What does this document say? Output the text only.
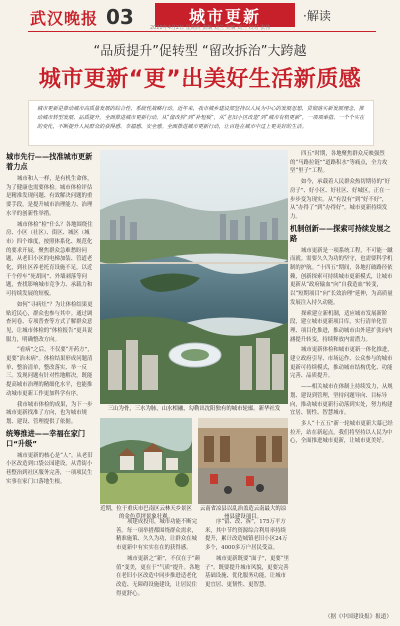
武汉晚报 03	城市更新	·解读
2020年4月2日 星期四 责编 刘兰 美编 刘兰 校对 张伟
“品质提升”促转型 “留改拆治”大跨越
城市更新“更”出美好生活新质感

城市更新是推动城市高质量发展的综合性、系统性战略行动。近年来，我市城乡建设部坚持以人民为中心的发展思想，贯彻落实新发展理念，推动城市转型发展、品质提升，全面推进城市更新行动。从“留改拆”到“补短板”，从“老旧小区改造”到“城市有机更新”，一项项举措、一个个实在的变化，不断提升人民群众的获得感、幸福感、安全感。全面推进城市更新行动，让百姓在城市中过上更美好的生活。

城市先行——找准城市更新着力点

城市和人一样，是有机生命体，为了健康也需要体检。城市体检评估是精准发现问题、有效解决问题的重要手段，是提升城市治理能力、治理水平的创新性举措。

城市体检“检”什么？各地围绕住房、小区（社区）、街区、城区（城市）四个维度，按照体系化、规范化的要求开展，聚焦群众急难愁盼问题，从老旧小区的电梯加装、管道老化，到社区养老托育设施不足，以近千个停车“死胡同”、外墙剥落等问题，查找影响城市竞争力、承载力和可持续发展的短板。

如何“寻病灶”？为让体检结果更贴近民心，群众也参与其中。通过调查问卷、专项普查等方式了解群众意见，让城市体检的“体检报告”更具说服力，明确整改方向。

“看病”之后，不仅要“开药方”，更要“治未病”。体检结果形成问题清单、整治清单，整改落实、举一反三。发现问题有针对性地解决，既能提高城市治理的精细化水平，也能推动城市更新工作更加科学有序。

我市城市体检的成果，为下一步城市更新找准了方向，也为城市规划、建设、管理提供了依据。

统筹推进——幸福在家门口“升级”

城市更新的核心是“人”。从老旧小区改造到口袋公园建设，从背街小巷整治到社区服务完善，一项项民生实事在家门口落地生根。

三山为骨，三水为脉，山水相融，勾勒出沈阳独有的城市轮廓。新华社发
近期，位于重庆市巴南区云林天乡景区的金色草坪景象壮观。
云南省凉县以乱治盖造云南最大的凉州县建设项目。

项建成投用，城市功能不断完善。每一项举措都围绕群众需求，精准施策、久久为功，让群众在城市更新中有实实在在的获得感。

城市更新之“新”，不仅在于“颜值”变美，更在于“气质”提升。各地在老旧小区改造中同步推进适老化改造、无障碍设施建设，让居民住得更舒心。

序“留、改、拆”，175万平方米，其中节约资源综合利用率持续提升，累计改造城镇老旧小区24万多个，4000多万户居民受益。

城市更新既要“面子”，更要“里子”。既要提升城市风貌，更要完善基础设施、优化服务功能，让城市更宜居、更韧性、更智慧。

四五”时期，各地聚焦群众反映强烈的“马路拉链”“道路积水”等痛点，全力攻坚“里子”工程。

如今，承载着人民群众热切期待的“好房子”、好小区、好社区、好城区，正在一步步变为现实。从“有没有”到“好不好”，从“办得了”到“办得好”，城市更新持续发力。

机制创新——探索可持续发展之路

城市更新是一项系统工程，不可能一蹴而就。需要久久为功的坚守，也需要科学机制的护航。“十四五”期间，各地打破路径依赖，创新探索可持续城市更新模式，让城市更新从“政府输血”向“自我造血”转变，以“短期项目”向“长效治理”延伸，为高质量发展注入持久动能。

探索建立新机制，适应城市发展新阶段，建立城市更新项目库，实行清单化管理、项目化推进，推动城市由外延扩张向内涵提升转变，持续释放内需潜力。

城市更新体检和城市更新一体化推进，建立政府引导、市场运作、公众参与的城市更新可持续模式，推动城市结构优化、功能完善、品质提升。

——相关城市在体制上持续发力，从规划、建设到管理，坚持问题导向、目标导向，推动城市更新行动落到实处，努力构建宜居、韧性、智慧城市。

多人“十五五”新一轮城市更新大幕已经拉开，站在新起点，我们将坚持以人民为中心，全面推进城市更新，让城市更美好。

（据《中国建设报》报道）
